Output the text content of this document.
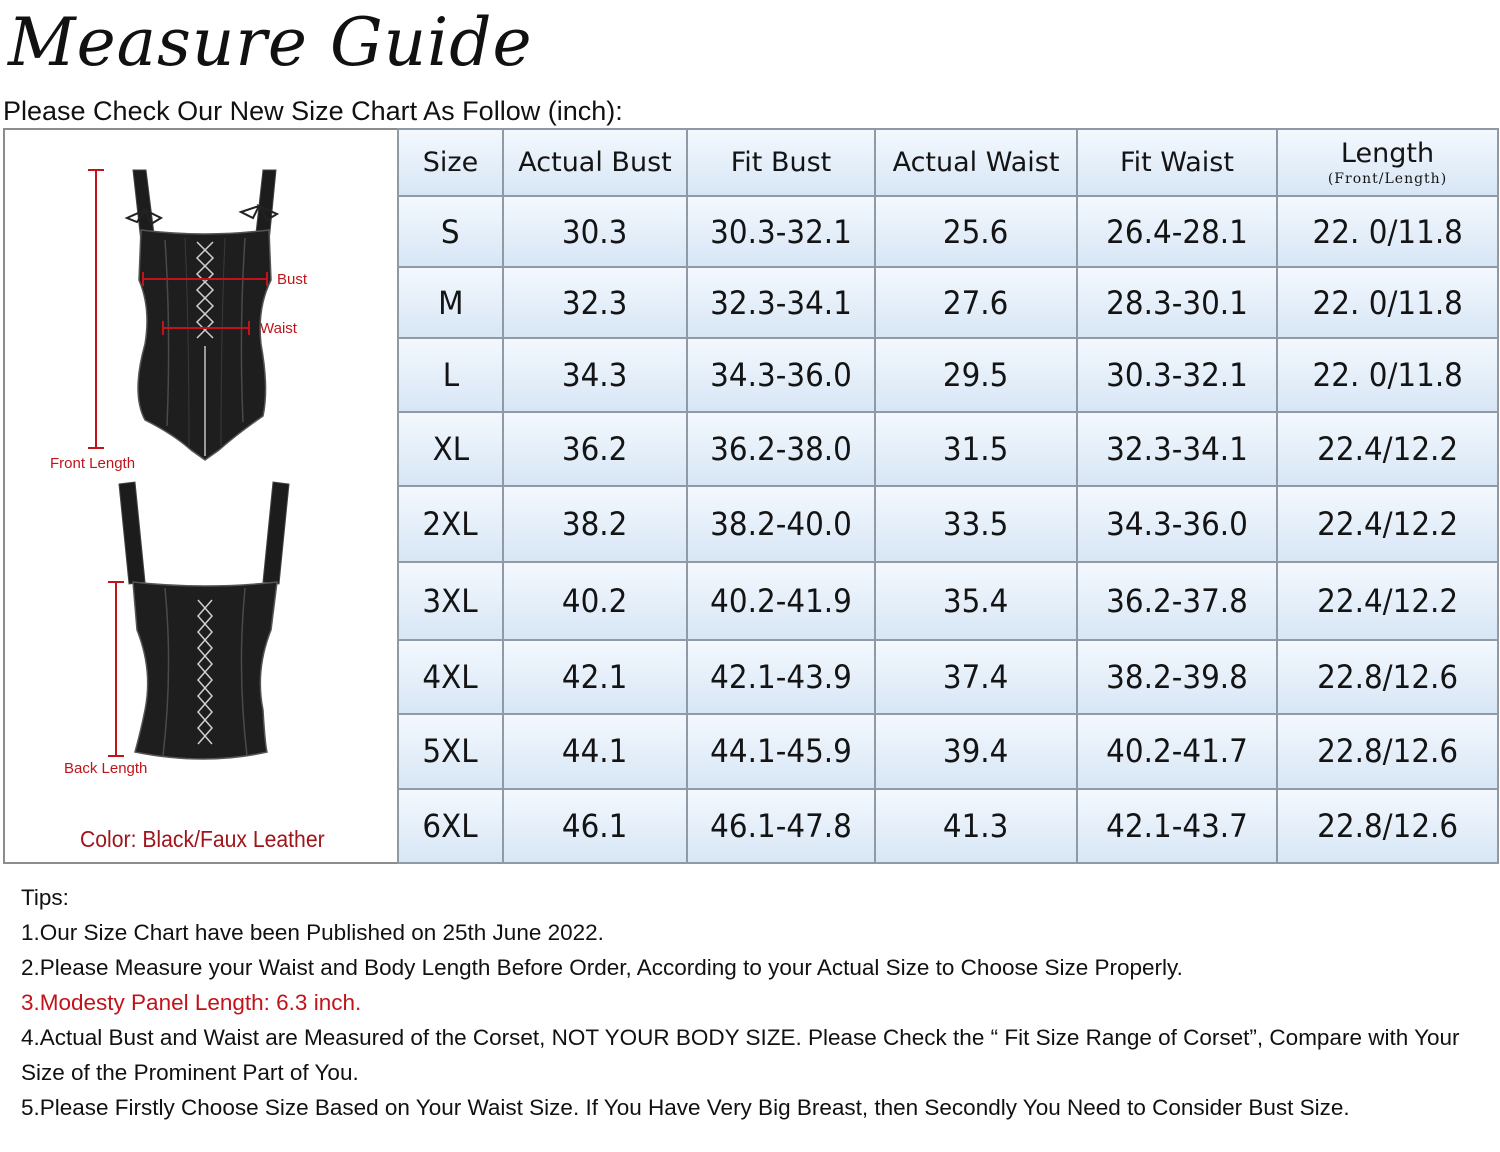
Measure Guide
Please Check Our New Size Chart As Follow (inch):
Bust
Waist
Front Length
Back Length
Color: Black/Faux Leather
Size	Actual Bust	Fit Bust	Actual Waist	Fit Waist	Length
(Front/Length)

S	30.3	30.3-32.1	25.6	26.4-28.1	22. 0/11.8
M	32.3	32.3-34.1	27.6	28.3-30.1	22. 0/11.8
L	34.3	34.3-36.0	29.5	30.3-32.1	22. 0/11.8
XL	36.2	36.2-38.0	31.5	32.3-34.1	22.4/12.2
2XL	38.2	38.2-40.0	33.5	34.3-36.0	22.4/12.2
3XL	40.2	40.2-41.9	35.4	36.2-37.8	22.4/12.2
4XL	42.1	42.1-43.9	37.4	38.2-39.8	22.8/12.6
5XL	44.1	44.1-45.9	39.4	40.2-41.7	22.8/12.6
6XL	46.1	46.1-47.8	41.3	42.1-43.7	22.8/12.6

Tips:

1.Our Size Chart have been Published on 25th June 2022.

2.Please Measure your Waist and Body Length Before Order, According to your Actual Size to Choose Size Properly.

3.Modesty Panel Length: 6.3 inch.

4.Actual Bust and Waist are Measured of the Corset, NOT YOUR BODY SIZE. Please Check the “ Fit Size Range of Corset”, Compare with Your Size of the Prominent Part of You.

5.Please Firstly Choose Size Based on Your Waist Size. If You Have Very Big Breast, then Secondly You Need to Consider Bust Size.
